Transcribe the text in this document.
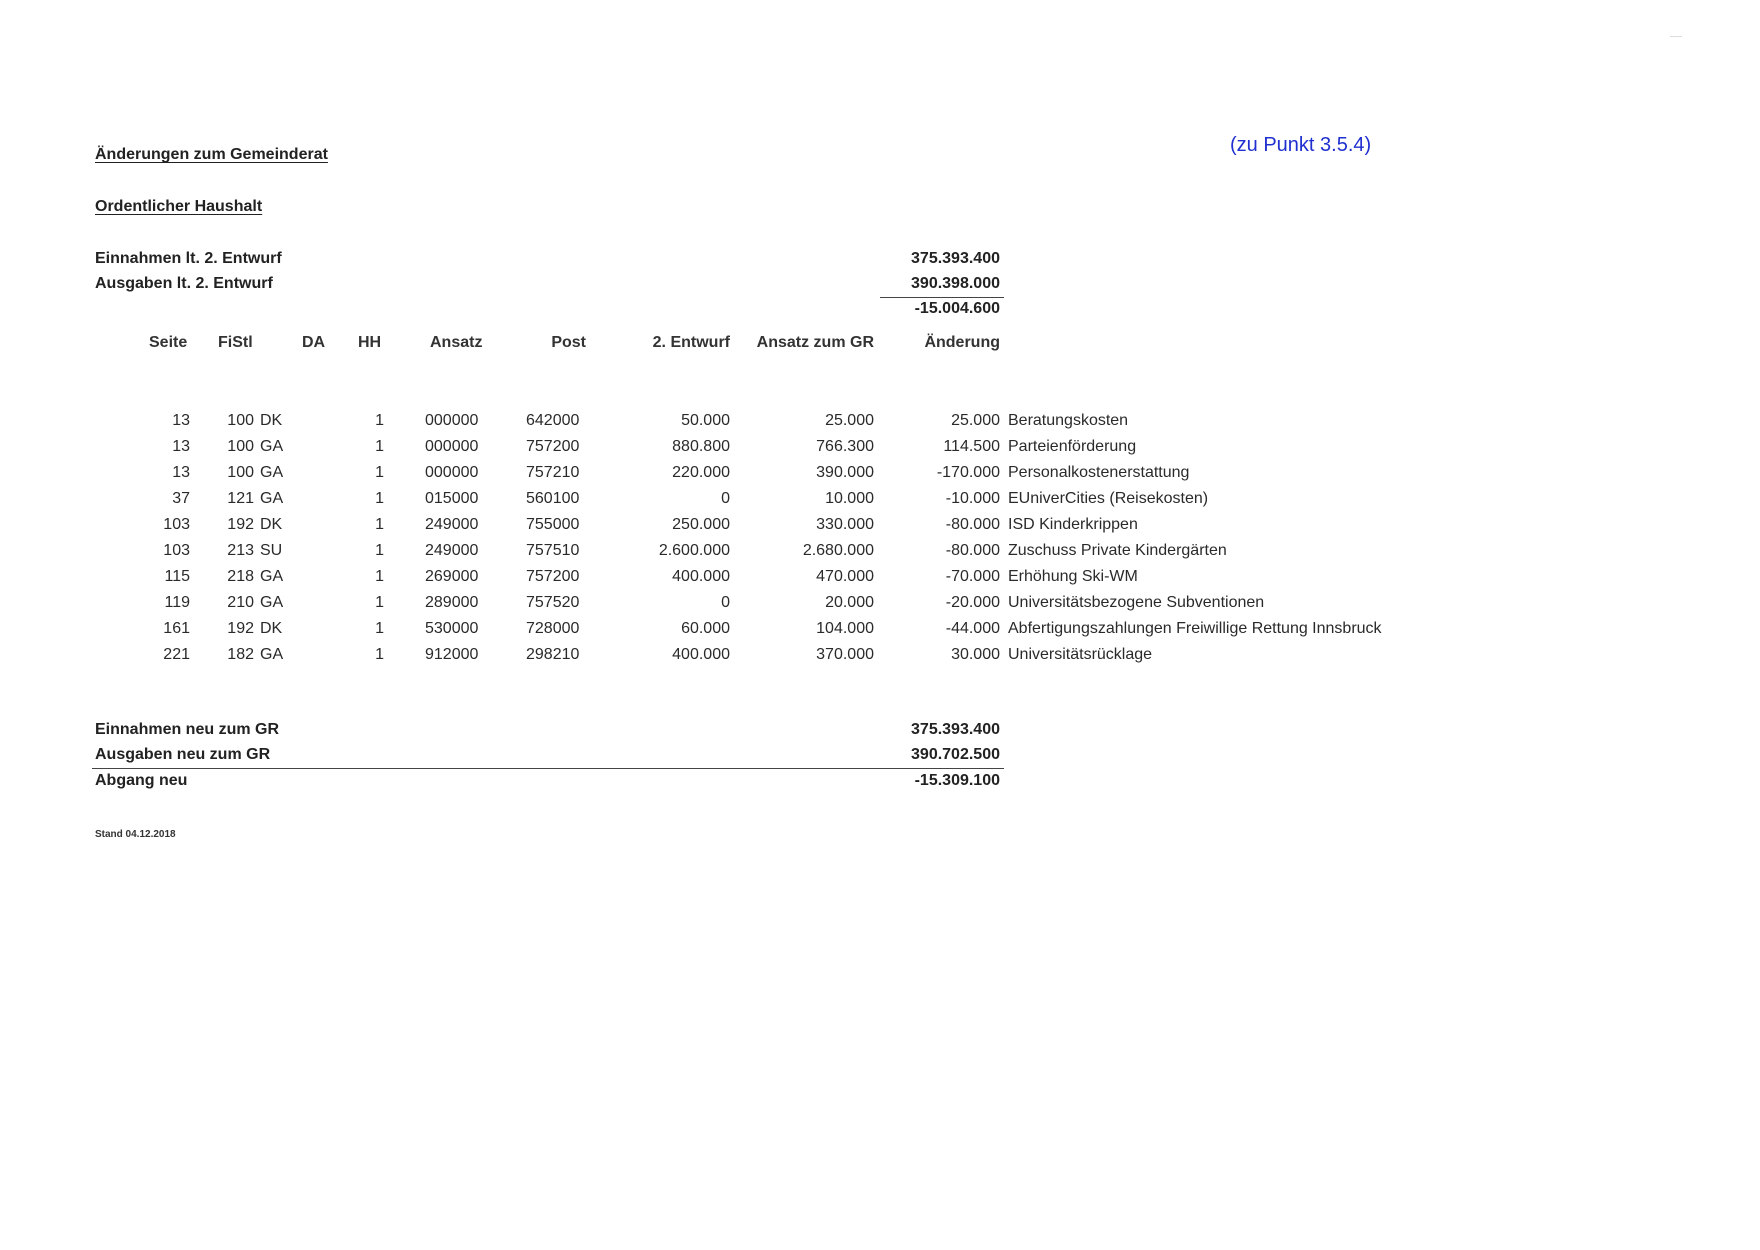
(zu Punkt 3.5.4)
Änderungen zum Gemeinderat
Ordentlicher Haushalt
Einnahmen lt. 2. Entwurf	375.393.400
Ausgaben lt. 2. Entwurf	390.398.000
-15.004.600
Seite FiStl	DA HH	Ansatz	Post	2. Entwurf	Ansatz zum GR	Änderung
13	100 DK	1	000000	642000	50.000	25.000	25.000 Beratungskosten
13	100 GA	1	000000	757200	880.800	766.300	114.500 Parteienförderung
13	100 GA	1	000000	757210	220.000	390.000	-170.000 Personalkostenerstattung
37	121 GA	1	015000	560100	0	10.000	-10.000 EUniverCities (Reisekosten)
103	192 DK	1	249000	755000	250.000	330.000	-80.000 ISD Kinderkrippen
103	213 SU	1	249000	757510	2.600.000	2.680.000	-80.000 Zuschuss Private Kindergärten
115	218 GA	1	269000	757200	400.000	470.000	-70.000 Erhöhung Ski-WM
119	210 GA	1	289000	757520	0	20.000	-20.000 Universitätsbezogene Subventionen
161	192 DK	1	530000	728000	60.000	104.000	-44.000 Abfertigungszahlungen Freiwillige Rettung Innsbruck
221	182 GA	1	912000	298210	400.000	370.000	30.000 Universitätsrücklage
Einnahmen neu zum GR	375.393.400
Ausgaben neu zum GR	390.702.500
Abgang neu	-15.309.100
Stand 04.12.2018
